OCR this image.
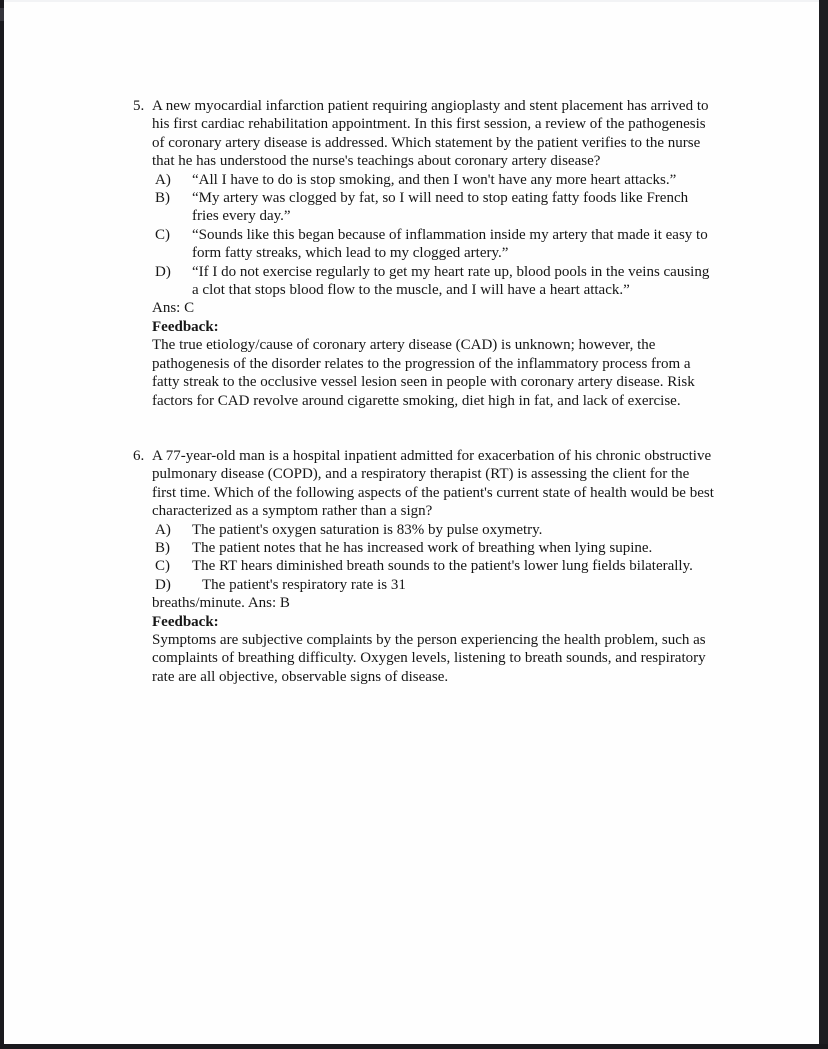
5. A new myocardial infarction patient requiring angioplasty and stent placement has arrived to his first cardiac rehabilitation appointment. In this first session, a review of the pathogenesis of coronary artery disease is addressed. Which statement by the patient verifies to the nurse that he has understood the nurse's teachings about coronary artery disease?

A)	“All I have to do is stop smoking, and then I won't have any more heart attacks.”
B)	“My artery was clogged by fat, so I will need to stop eating fatty foods like French fries every day.”
C)	“Sounds like this began because of inflammation inside my artery that made it easy to form fatty streaks, which lead to my clogged artery.”
D)	“If I do not exercise regularly to get my heart rate up, blood pools in the veins causing a clot that stops blood flow to the muscle, and I will have a heart attack.”

Ans: C

Feedback:

The true etiology/cause of coronary artery disease (CAD) is unknown; however, the pathogenesis of the disorder relates to the progression of the inflammatory process from a fatty streak to the occlusive vessel lesion seen in people with coronary artery disease. Risk factors for CAD revolve around cigarette smoking, diet high in fat, and lack of exercise.

6. A 77-year-old man is a hospital inpatient admitted for exacerbation of his chronic obstructive pulmonary disease (COPD), and a respiratory therapist (RT) is assessing the client for the first time. Which of the following aspects of the patient's current state of health would be best characterized as a symptom rather than a sign?

A)	The patient's oxygen saturation is 83% by pulse oxymetry.
B)	The patient notes that he has increased work of breathing when lying supine.
C)	The RT hears diminished breath sounds to the patient's lower lung fields bilaterally.
D)	The patient's respiratory rate is 31

breaths/minute. Ans: B

Feedback:

Symptoms are subjective complaints by the person experiencing the health problem, such as complaints of breathing difficulty. Oxygen levels, listening to breath sounds, and respiratory rate are all objective, observable signs of disease.
